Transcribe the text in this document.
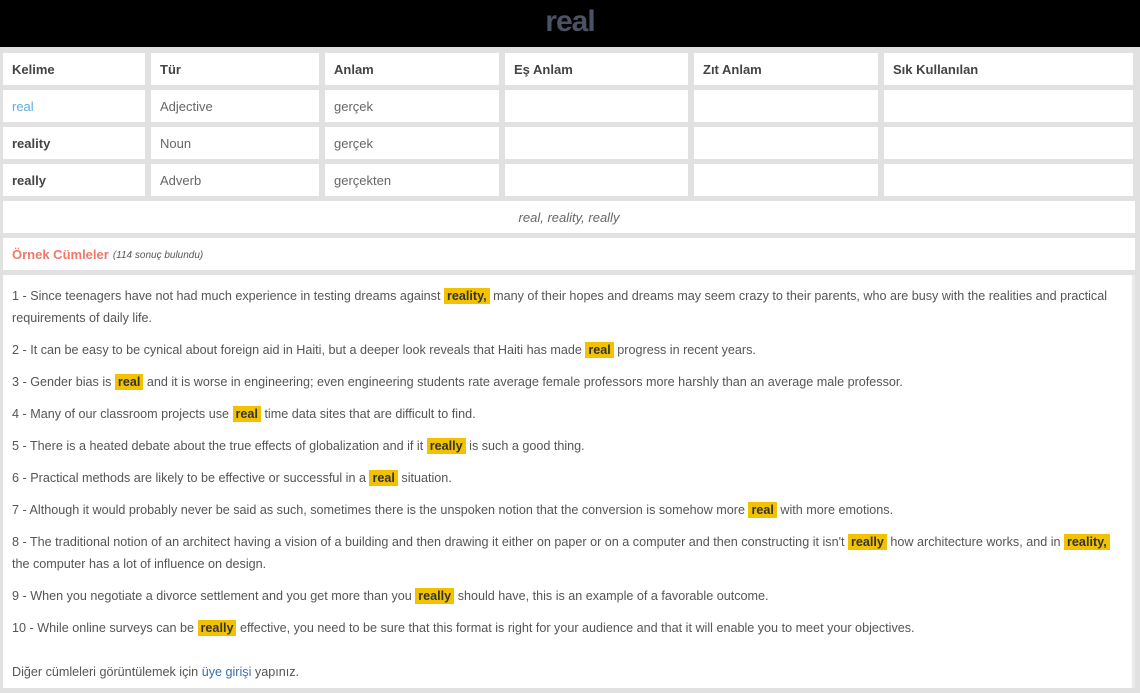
real
Kelime	Tür	Anlam	Eş Anlam	Zıt Anlam	Sık Kullanılan
real	Adjective	gerçek
reality	Noun	gerçek
really	Adverb	gerçekten
real, reality, really
Örnek Cümleler (114 sonuç bulundu)
1 - Since teenagers have not had much experience in testing dreams against reality, many of their hopes and dreams may seem crazy to their parents, who are busy with the realities and practical requirements of daily life.
2 - It can be easy to be cynical about foreign aid in Haiti, but a deeper look reveals that Haiti has made real progress in recent years.
3 - Gender bias is real and it is worse in engineering; even engineering students rate average female professors more harshly than an average male professor.
4 - Many of our classroom projects use real time data sites that are difficult to find.
5 - There is a heated debate about the true effects of globalization and if it really is such a good thing.
6 - Practical methods are likely to be effective or successful in a real situation.
7 - Although it would probably never be said as such, sometimes there is the unspoken notion that the conversion is somehow more real with more emotions.
8 - The traditional notion of an architect having a vision of a building and then drawing it either on paper or on a computer and then constructing it isn't really how architecture works, and in reality, the computer has a lot of influence on design.
9 - When you negotiate a divorce settlement and you get more than you really should have, this is an example of a favorable outcome.
10 - While online surveys can be really effective, you need to be sure that this format is right for your audience and that it will enable you to meet your objectives.
Diğer cümleleri görüntülemek için üye girişi yapınız.
